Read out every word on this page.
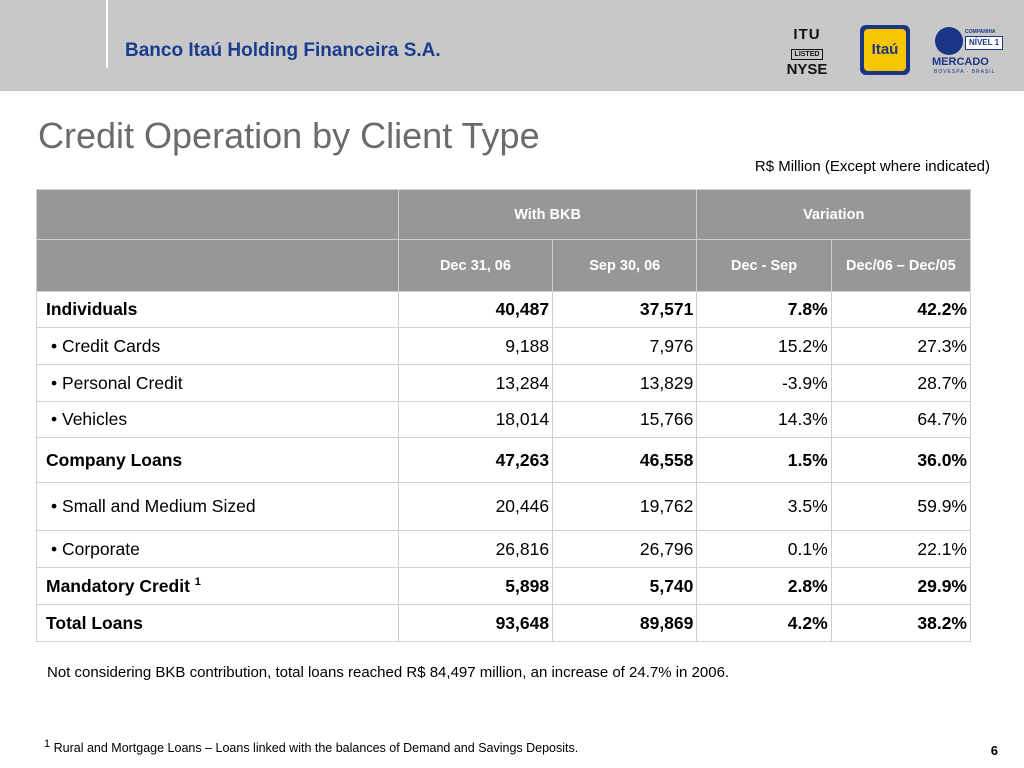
Banco Itaú Holding Financeira S.A.
ITU
LISTED
NYSE
Itaú
COMPANHIA
NÍVEL 1
MERCADO
BOVESPA · BRASIL
Credit Operation by Client Type
R$ Million (Except where indicated)
	With BKB		Variation	
	Dec 31, 06	Sep 30, 06	Dec - Sep	Dec/06 – Dec/05
Individuals	40,487	37,571	7.8%	42.2%
• Credit Cards	9,188	7,976	15.2%	27.3%
• Personal Credit	13,284	13,829	-3.9%	28.7%
• Vehicles	18,014	15,766	14.3%	64.7%
Company Loans	47,263	46,558	1.5%	36.0%
• Small and Medium Sized	20,446	19,762	3.5%	59.9%
• Corporate	26,816	26,796	0.1%	22.1%
Mandatory Credit $^1$	5,898	5,740	2.8%	29.9%
Total Loans	93,648	89,869	4.2%	38.2%
Not considering BKB contribution, total loans reached R$ 84,497 million, an increase of 24.7% in 2006.
$^1$ Rural and Mortgage Loans – Loans linked with the balances of Demand and Savings Deposits.	6
